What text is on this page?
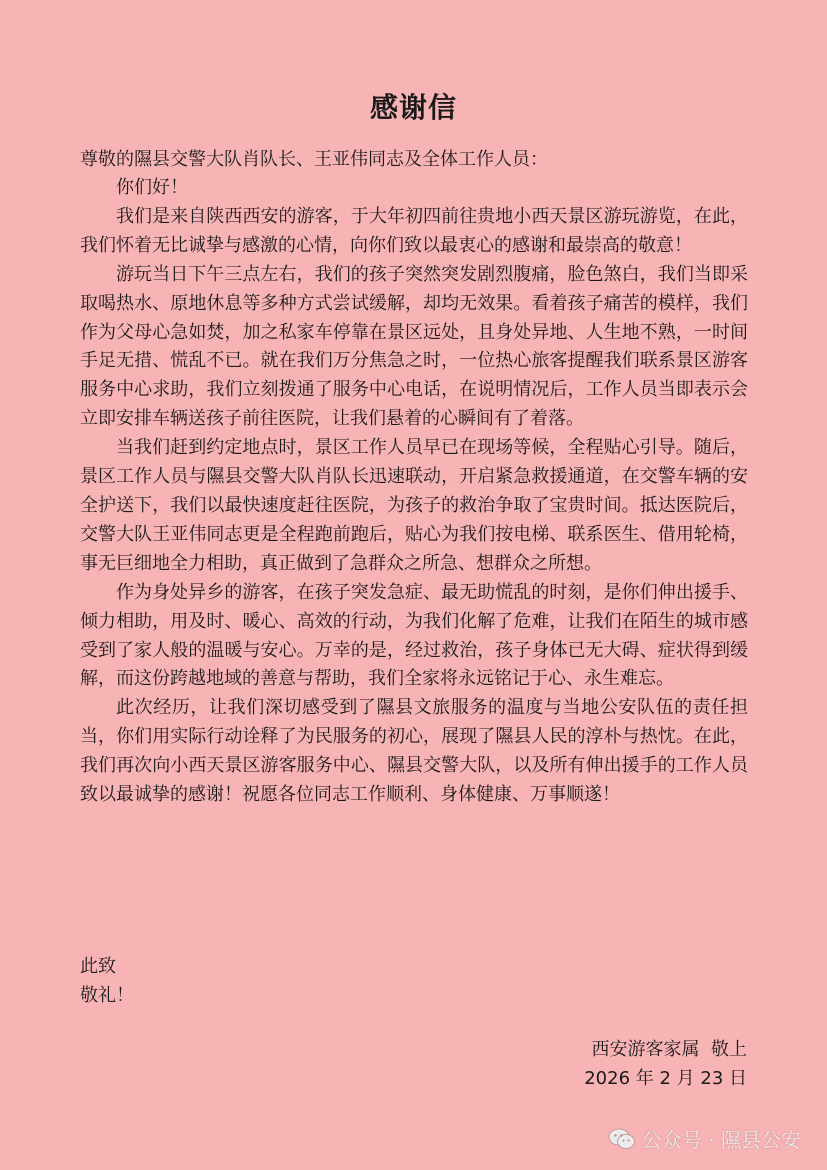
感谢信
尊敬的隰县交警大队肖队长、王亚伟同志及全体工作人员：

你们好！

我们是来自陕西西安的游客，于大年初四前往贵地小西天景区游玩游览，在此，我们怀着无比诚挚与感激的心情，向你们致以最衷心的感谢和最崇高的敬意！

游玩当日下午三点左右，我们的孩子突然突发剧烈腹痛，脸色煞白，我们当即采取喝热水、原地休息等多种方式尝试缓解，却均无效果。看着孩子痛苦的模样，我们作为父母心急如焚，加之私家车停靠在景区远处，且身处异地、人生地不熟，一时间手足无措、慌乱不已。就在我们万分焦急之时，一位热心旅客提醒我们联系景区游客服务中心求助，我们立刻拨通了服务中心电话，在说明情况后，工作人员当即表示会立即安排车辆送孩子前往医院，让我们悬着的心瞬间有了着落。

当我们赶到约定地点时，景区工作人员早已在现场等候，全程贴心引导。随后，景区工作人员与隰县交警大队肖队长迅速联动，开启紧急救援通道，在交警车辆的安全护送下，我们以最快速度赶往医院，为孩子的救治争取了宝贵时间。抵达医院后，交警大队王亚伟同志更是全程跑前跑后，贴心为我们按电梯、联系医生、借用轮椅，事无巨细地全力相助，真正做到了急群众之所急、想群众之所想。

作为身处异乡的游客，在孩子突发急症、最无助慌乱的时刻，是你们伸出援手、倾力相助，用及时、暖心、高效的行动，为我们化解了危难，让我们在陌生的城市感受到了家人般的温暖与安心。万幸的是，经过救治，孩子身体已无大碍、症状得到缓解，而这份跨越地域的善意与帮助，我们全家将永远铭记于心、永生难忘。

此次经历，让我们深切感受到了隰县文旅服务的温度与当地公安队伍的责任担当，你们用实际行动诠释了为民服务的初心，展现了隰县人民的淳朴与热忱。在此，我们再次向小西天景区游客服务中心、隰县交警大队，以及所有伸出援手的工作人员致以最诚挚的感谢！祝愿各位同志工作顺利、身体健康、万事顺遂！

此致
敬礼！
西安游客家属  敬上
2026 年 2 月 23 日
公众号 · 隰县公安
